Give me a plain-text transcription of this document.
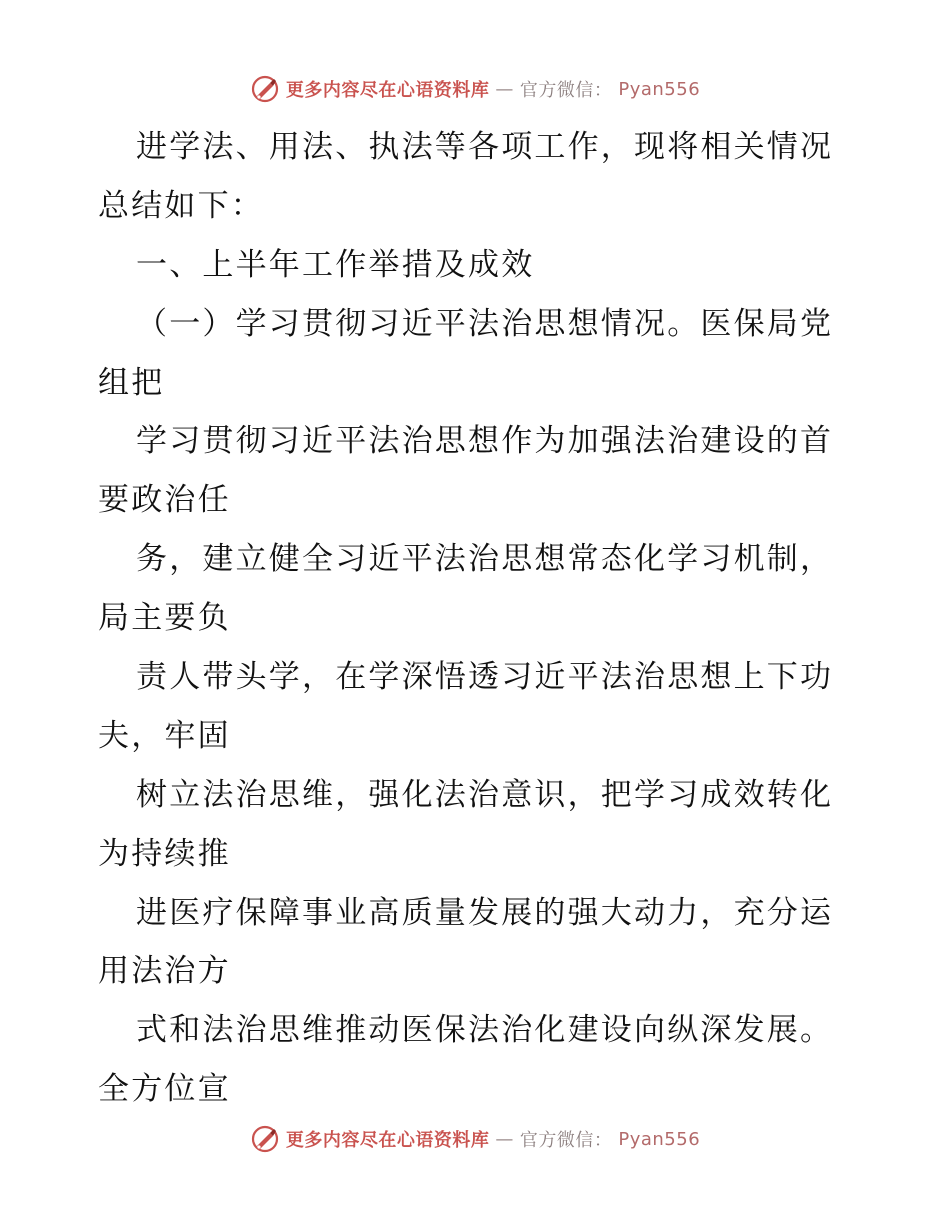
更多内容尽在心语资料库 — 官方微信： Pyan556
进学法、用法、执法等各项工作，现将相关情况
总结如下：
一、上半年工作举措及成效
（一）学习贯彻习近平法治思想情况。医保局党
组把
学习贯彻习近平法治思想作为加强法治建设的首
要政治任
务，建立健全习近平法治思想常态化学习机制，
局主要负
责人带头学，在学深悟透习近平法治思想上下功
夫，牢固
树立法治思维，强化法治意识，把学习成效转化
为持续推
进医疗保障事业高质量发展的强大动力，充分运
用法治方
式和法治思维推动医保法治化建设向纵深发展。
全方位宣
更多内容尽在心语资料库 — 官方微信： Pyan556
